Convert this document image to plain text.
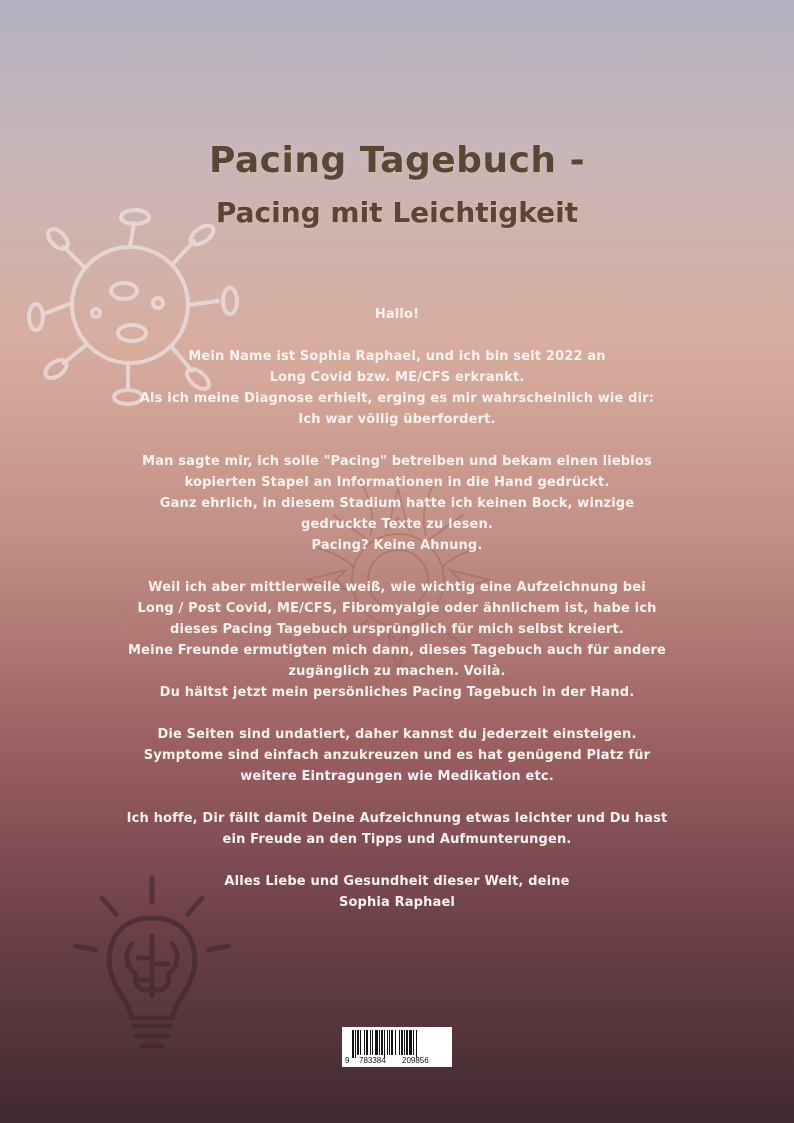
Pacing Tagebuch -
Pacing mit Leichtigkeit

Hallo!

Mein Name ist Sophia Raphael, und ich bin seit 2022 an
Long Covid bzw. ME/CFS erkrankt.
Als ich meine Diagnose erhielt, erging es mir wahrscheinlich wie dir:
Ich war völlig überfordert.

Man sagte mir, ich solle "Pacing" betreiben und bekam einen lieblos
kopierten Stapel an Informationen in die Hand gedrückt.
Ganz ehrlich, in diesem Stadium hatte ich keinen Bock, winzige
gedruckte Texte zu lesen.
Pacing? Keine Ahnung.

Weil ich aber mittlerweile weiß, wie wichtig eine Aufzeichnung bei
Long / Post Covid, ME/CFS, Fibromyalgie oder ähnlichem ist, habe ich
dieses Pacing Tagebuch ursprünglich für mich selbst kreiert.
Meine Freunde ermutigten mich dann, dieses Tagebuch auch für andere
zugänglich zu machen. Voilà.
Du hältst jetzt mein persönliches Pacing Tagebuch in der Hand.

Die Seiten sind undatiert, daher kannst du jederzeit einsteigen.
Symptome sind einfach anzukreuzen und es hat genügend Platz für
weitere Eintragungen wie Medikation etc.

Ich hoffe, Dir fällt damit Deine Aufzeichnung etwas leichter und Du hast
ein Freude an den Tipps und Aufmunterungen.

Alles Liebe und Gesundheit dieser Welt, deine
Sophia Raphael

9 783384 209856
